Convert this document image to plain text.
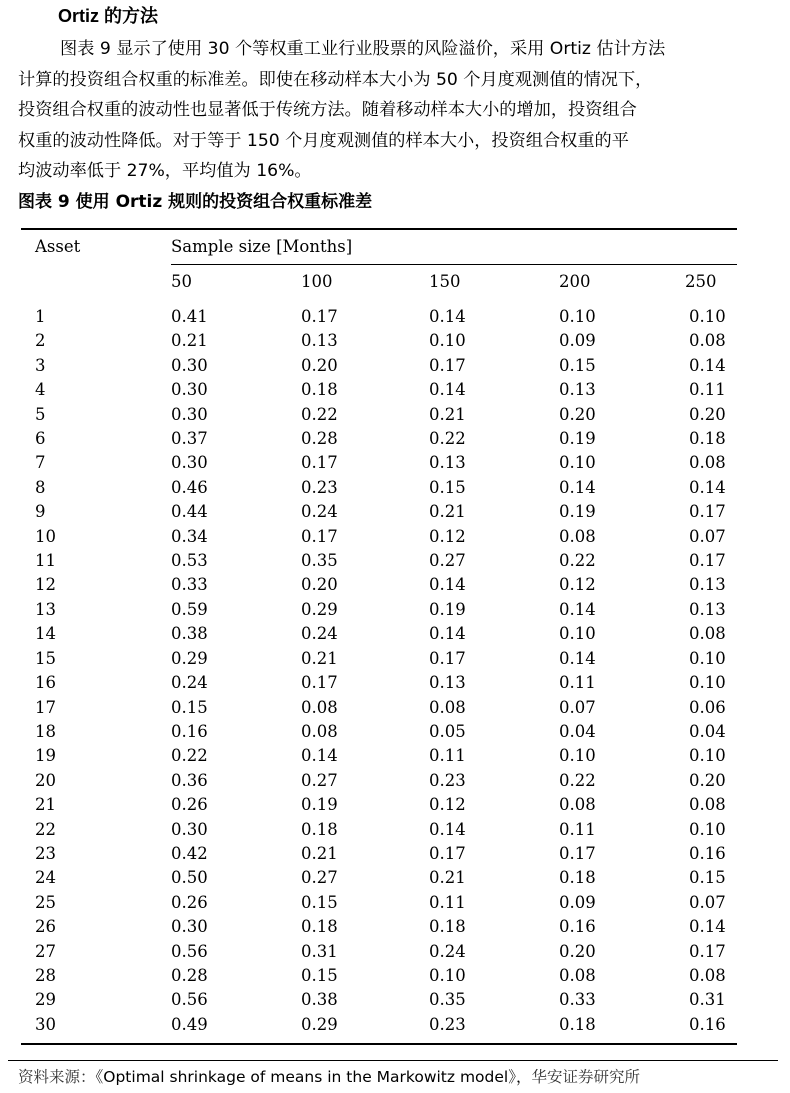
Ortiz 的方法
图表 9 显示了使用 30 个等权重工业行业股票的风险溢价，采用 Ortiz 估计方法
计算的投资组合权重的标准差。即使在移动样本大小为 50 个月度观测值的情况下，
投资组合权重的波动性也显著低于传统方法。随着移动样本大小的增加，投资组合
权重的波动性降低。对于等于 150 个月度观测值的样本大小，投资组合权重的平
均波动率低于 27%，平均值为 16%。
图表 9 使用 Ortiz 规则的投资组合权重标准差
Asset	Sample size [Months]				
	50	100	150	200	250
1	0.41	0.17	0.14	0.10	0.10
2	0.21	0.13	0.10	0.09	0.08
3	0.30	0.20	0.17	0.15	0.14
4	0.30	0.18	0.14	0.13	0.11
5	0.30	0.22	0.21	0.20	0.20
6	0.37	0.28	0.22	0.19	0.18
7	0.30	0.17	0.13	0.10	0.08
8	0.46	0.23	0.15	0.14	0.14
9	0.44	0.24	0.21	0.19	0.17
10	0.34	0.17	0.12	0.08	0.07
11	0.53	0.35	0.27	0.22	0.17
12	0.33	0.20	0.14	0.12	0.13
13	0.59	0.29	0.19	0.14	0.13
14	0.38	0.24	0.14	0.10	0.08
15	0.29	0.21	0.17	0.14	0.10
16	0.24	0.17	0.13	0.11	0.10
17	0.15	0.08	0.08	0.07	0.06
18	0.16	0.08	0.05	0.04	0.04
19	0.22	0.14	0.11	0.10	0.10
20	0.36	0.27	0.23	0.22	0.20
21	0.26	0.19	0.12	0.08	0.08
22	0.30	0.18	0.14	0.11	0.10
23	0.42	0.21	0.17	0.17	0.16
24	0.50	0.27	0.21	0.18	0.15
25	0.26	0.15	0.11	0.09	0.07
26	0.30	0.18	0.18	0.16	0.14
27	0.56	0.31	0.24	0.20	0.17
28	0.28	0.15	0.10	0.08	0.08
29	0.56	0.38	0.35	0.33	0.31
30	0.49	0.29	0.23	0.18	0.16
资料来源：《Optimal shrinkage of means in the Markowitz model》，华安证券研究所
